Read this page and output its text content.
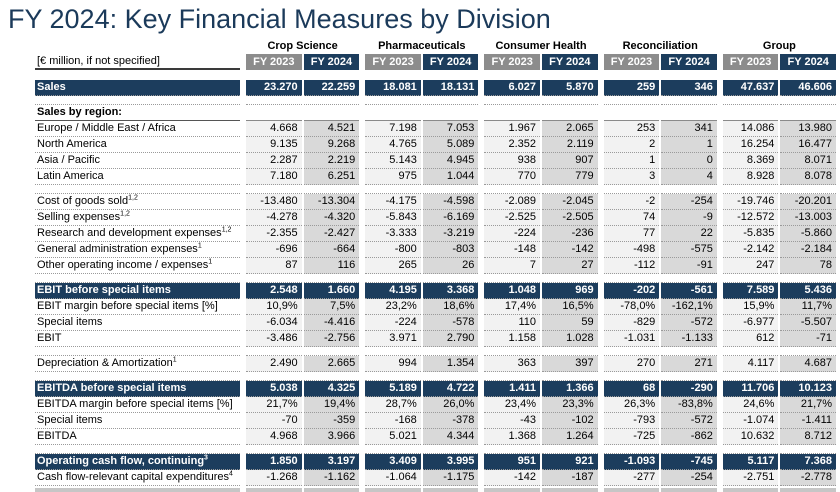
FY 2024: Key Financial Measures by Division
Crop Science	Pharmaceuticals	Consumer Health	Reconciliation	Group
[€ million, if not specified]	FY 2023	FY 2024	FY 2023	FY 2024	FY 2023	FY 2024	FY 2023	FY 2024	FY 2023	FY 2024
Sales	23.270	22.259	18.081	18.131	6.027	5.870	259	346	47.637	46.606
Sales by region:
Europe / Middle East / Africa	4.668	4.521	7.198	7.053	1.967	2.065	253	341	14.086	13.980
North America	9.135	9.268	4.765	5.089	2.352	2.119	2	1	16.254	16.477
Asia / Pacific	2.287	2.219	5.143	4.945	938	907	1	0	8.369	8.071
Latin America	7.180	6.251	975	1.044	770	779	3	4	8.928	8.078
Cost of goods sold$^{1,2}$	-13.480	-13.304	-4.175	-4.598	-2.089	-2.045	-2	-254	-19.746	-20.201
Selling expenses$^{1,2}$	-4.278	-4.320	-5.843	-6.169	-2.525	-2.505	74	-9	-12.572	-13.003
Research and development expenses$^{1,2}$	-2.355	-2.427	-3.333	-3.219	-224	-236	77	22	-5.835	-5.860
General administration expenses$^1$	-696	-664	-800	-803	-148	-142	-498	-575	-2.142	-2.184
Other operating income / expenses$^1$	87	116	265	26	7	27	-112	-91	247	78
EBIT before special items	2.548	1.660	4.195	3.368	1.048	969	-202	-561	7.589	5.436
EBIT margin before special items [%]	10,9%	7,5%	23,2%	18,6%	17,4%	16,5%	-78,0%	-162,1%	15,9%	11,7%
Special items	-6.034	-4.416	-224	-578	110	59	-829	-572	-6.977	-5.507
EBIT	-3.486	-2.756	3.971	2.790	1.158	1.028	-1.031	-1.133	612	-71
Depreciation & Amortization$^1$	2.490	2.665	994	1.354	363	397	270	271	4.117	4.687
EBITDA before special items	5.038	4.325	5.189	4.722	1.411	1.366	68	-290	11.706	10.123
EBITDA margin before special items [%]	21,7%	19,4%	28,7%	26,0%	23,4%	23,3%	26,3%	-83,8%	24,6%	21,7%
Special items	-70	-359	-168	-378	-43	-102	-793	-572	-1.074	-1.411
EBITDA	4.968	3.966	5.021	4.344	1.368	1.264	-725	-862	10.632	8.712
Operating cash flow, continuing$^3$	1.850	3.197	3.409	3.995	951	921	-1.093	-745	5.117	7.368
Cash flow-relevant capital expenditures$^4$	-1.268	-1.162	-1.064	-1.175	-142	-187	-277	-254	-2.751	-2.778
